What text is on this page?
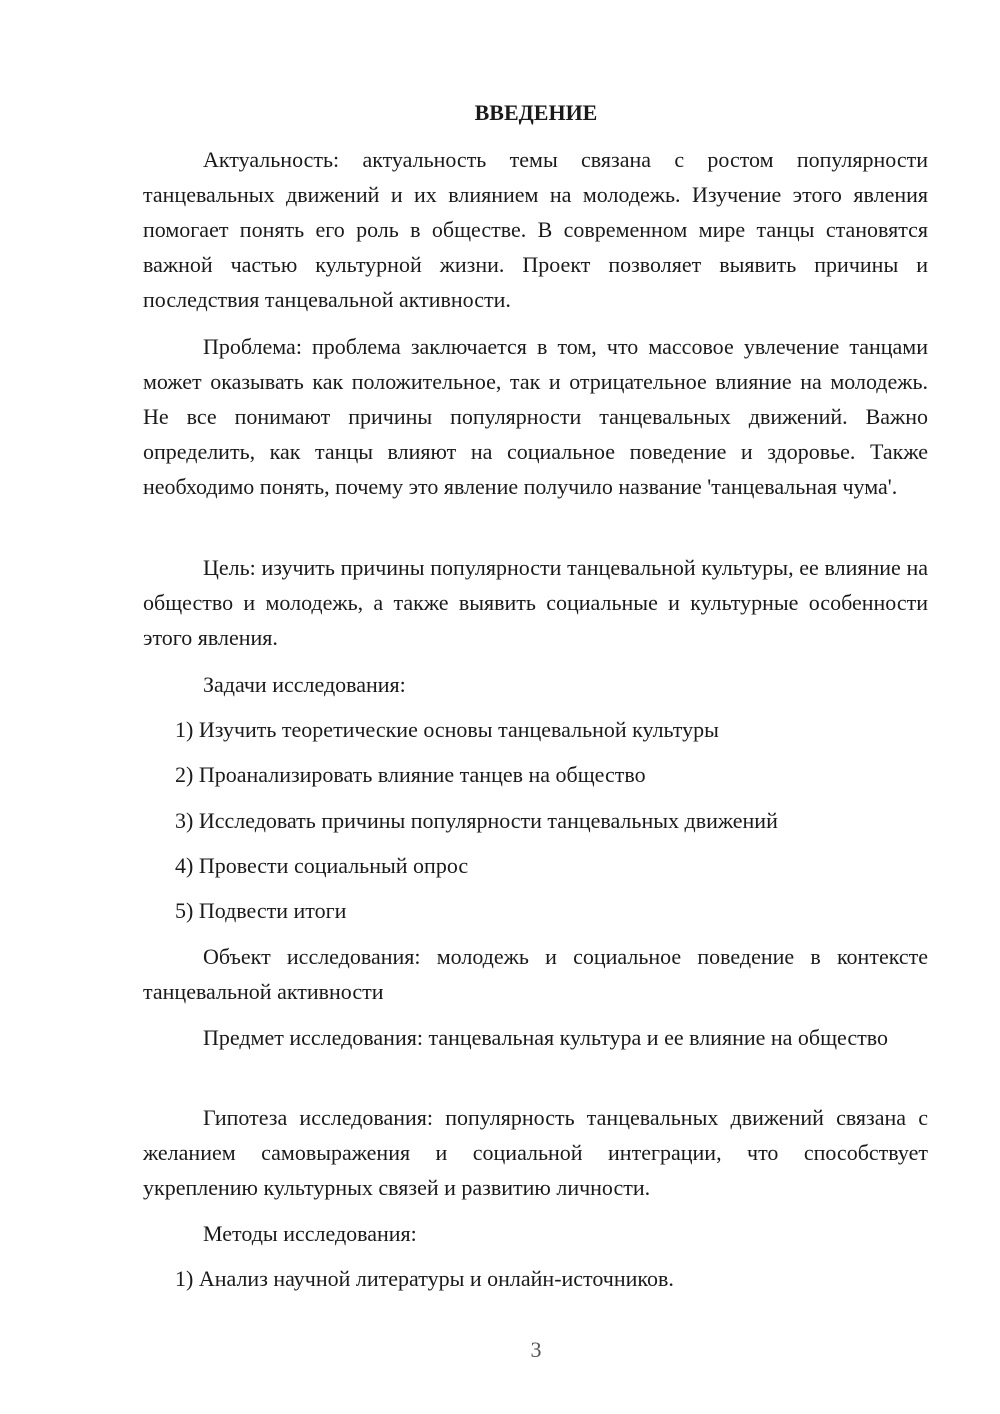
ВВЕДЕНИЕ

Актуальность: актуальность темы связана с ростом популярности танцевальных движений и их влиянием на молодежь. Изучение этого явления помогает понять его роль в обществе. В современном мире танцы становятся важной частью культурной жизни. Проект позволяет выявить причины и последствия танцевальной активности.

Проблема: проблема заключается в том, что массовое увлечение танцами может оказывать как положительное, так и отрицательное влияние на молодежь. Не все понимают причины популярности танцевальных движений. Важно определить, как танцы влияют на социальное поведение и здоровье. Также необходимо понять, почему это явление получило название 'танцевальная чума'.

Цель: изучить причины популярности танцевальной культуры, ее влияние на общество и молодежь, а также выявить социальные и культурные особенности этого явления.

Задачи исследования:

1) Изучить теоретические основы танцевальной культуры

2) Проанализировать влияние танцев на общество

3) Исследовать причины популярности танцевальных движений

4) Провести социальный опрос

5) Подвести итоги

Объект исследования: молодежь и социальное поведение в контексте танцевальной активности

Предмет исследования: танцевальная культура и ее влияние на общество

Гипотеза исследования: популярность танцевальных движений связана с желанием самовыражения и социальной интеграции, что способствует укреплению культурных связей и развитию личности.

Методы исследования:

1) Анализ научной литературы и онлайн-источников.

3
